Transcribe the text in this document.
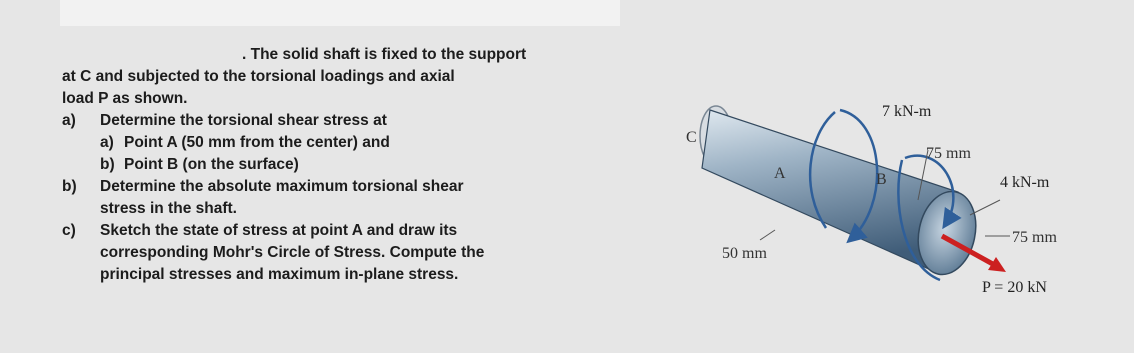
. The solid shaft is fixed to the support
at C and subjected to the torsional loadings and axial
load P as shown.
a)	Determine the torsional shear stress at
a) Point A (50 mm from the center) and
b) Point B (on the surface)
b)	Determine the absolute maximum torsional shear
stress in the shaft.
c)	Sketch the state of stress at point A and draw its
corresponding Mohr's Circle of Stress. Compute the
principal stresses and maximum in-plane stress.
C
7 kN-m
75 mm
4 kN-m
75 mm
50 mm
A	B
P = 20 kN
